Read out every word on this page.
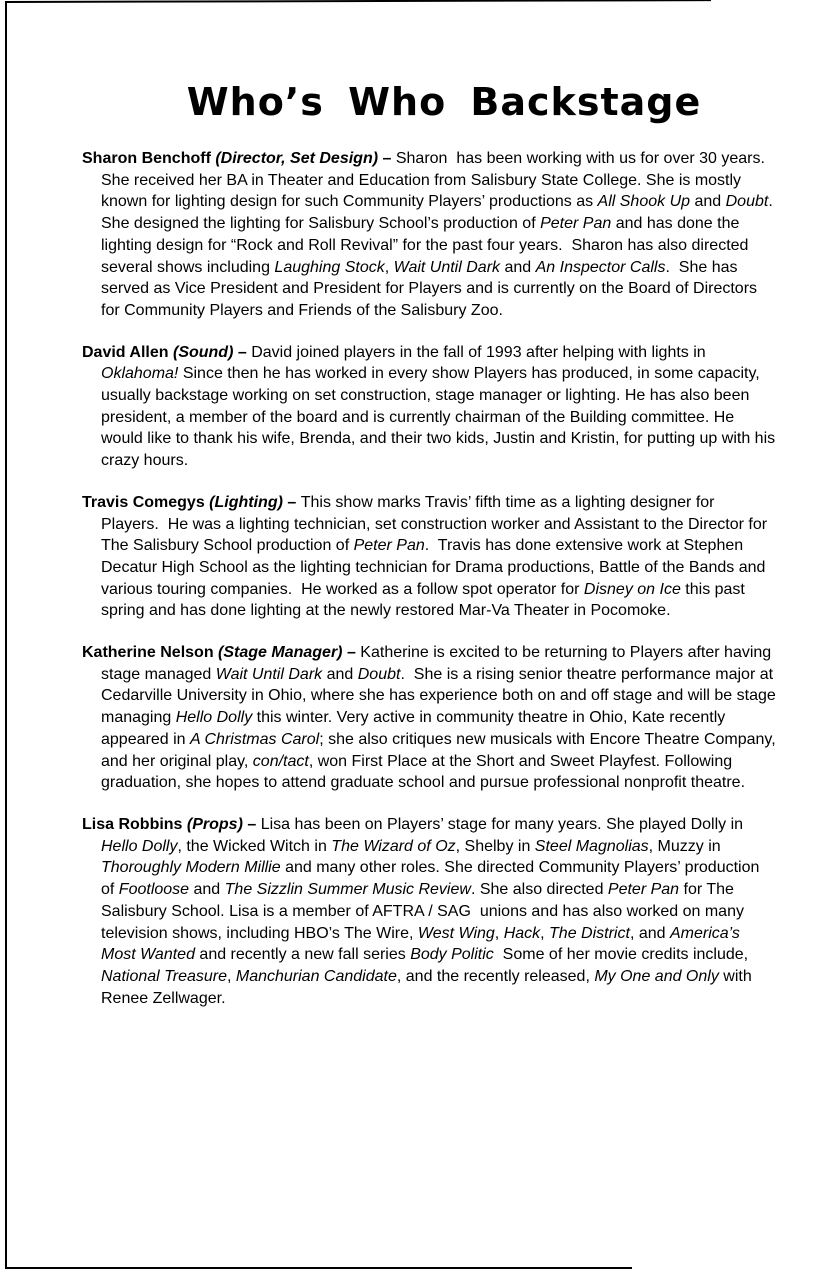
Who’s Who Backstage

Sharon Benchoff (Director, Set Design) – Sharon  has been working with us for over 30 years.  She received her BA in Theater and Education from Salisbury State College. She is mostly known for lighting design for such Community Players’ productions as All Shook Up and Doubt.  She designed the lighting for Salisbury School’s production of Peter Pan and has done the lighting design for “Rock and Roll Revival” for the past four years.  Sharon has also directed several shows including Laughing Stock, Wait Until Dark and An Inspector Calls.  She has served as Vice President and President for Players and is currently on the Board of Directors for Community Players and Friends of the Salisbury Zoo.

David Allen (Sound) – David joined players in the fall of 1993 after helping with lights in Oklahoma! Since then he has worked in every show Players has produced, in some capacity, usually backstage working on set construction, stage manager or lighting. He has also been president, a member of the board and is currently chairman of the Building committee. He would like to thank his wife, Brenda, and their two kids, Justin and Kristin, for putting up with his crazy hours.

Travis Comegys (Lighting) – This show marks Travis’ fifth time as a lighting designer for Players.  He was a lighting technician, set construction worker and Assistant to the Director for The Salisbury School production of Peter Pan.  Travis has done extensive work at Stephen Decatur High School as the lighting technician for Drama productions, Battle of the Bands and various touring companies.  He worked as a follow spot operator for Disney on Ice this past spring and has done lighting at the newly restored Mar-Va Theater in Pocomoke.

Katherine Nelson (Stage Manager) – Katherine is excited to be returning to Players after having stage managed Wait Until Dark and Doubt.  She is a rising senior theatre performance major at Cedarville University in Ohio, where she has experience both on and off stage and will be stage managing Hello Dolly this winter. Very active in community theatre in Ohio, Kate recently appeared in A Christmas Carol; she also critiques new musicals with Encore Theatre Company, and her original play, con/tact, won First Place at the Short and Sweet Playfest. Following graduation, she hopes to attend graduate school and pursue professional nonprofit theatre.

Lisa Robbins (Props) – Lisa has been on Players’ stage for many years. She played Dolly in Hello Dolly, the Wicked Witch in The Wizard of Oz, Shelby in Steel Magnolias, Muzzy in Thoroughly Modern Millie and many other roles. She directed Community Players’ production of Footloose and The Sizzlin Summer Music Review. She also directed Peter Pan for The Salisbury School. Lisa is a member of AFTRA / SAG  unions and has also worked on many television shows, including HBO’s The Wire, West Wing, Hack, The District, and America’s Most Wanted and recently a new fall series Body Politic  Some of her movie credits include, National Treasure, Manchurian Candidate, and the recently released, My One and Only with Renee Zellwager.
